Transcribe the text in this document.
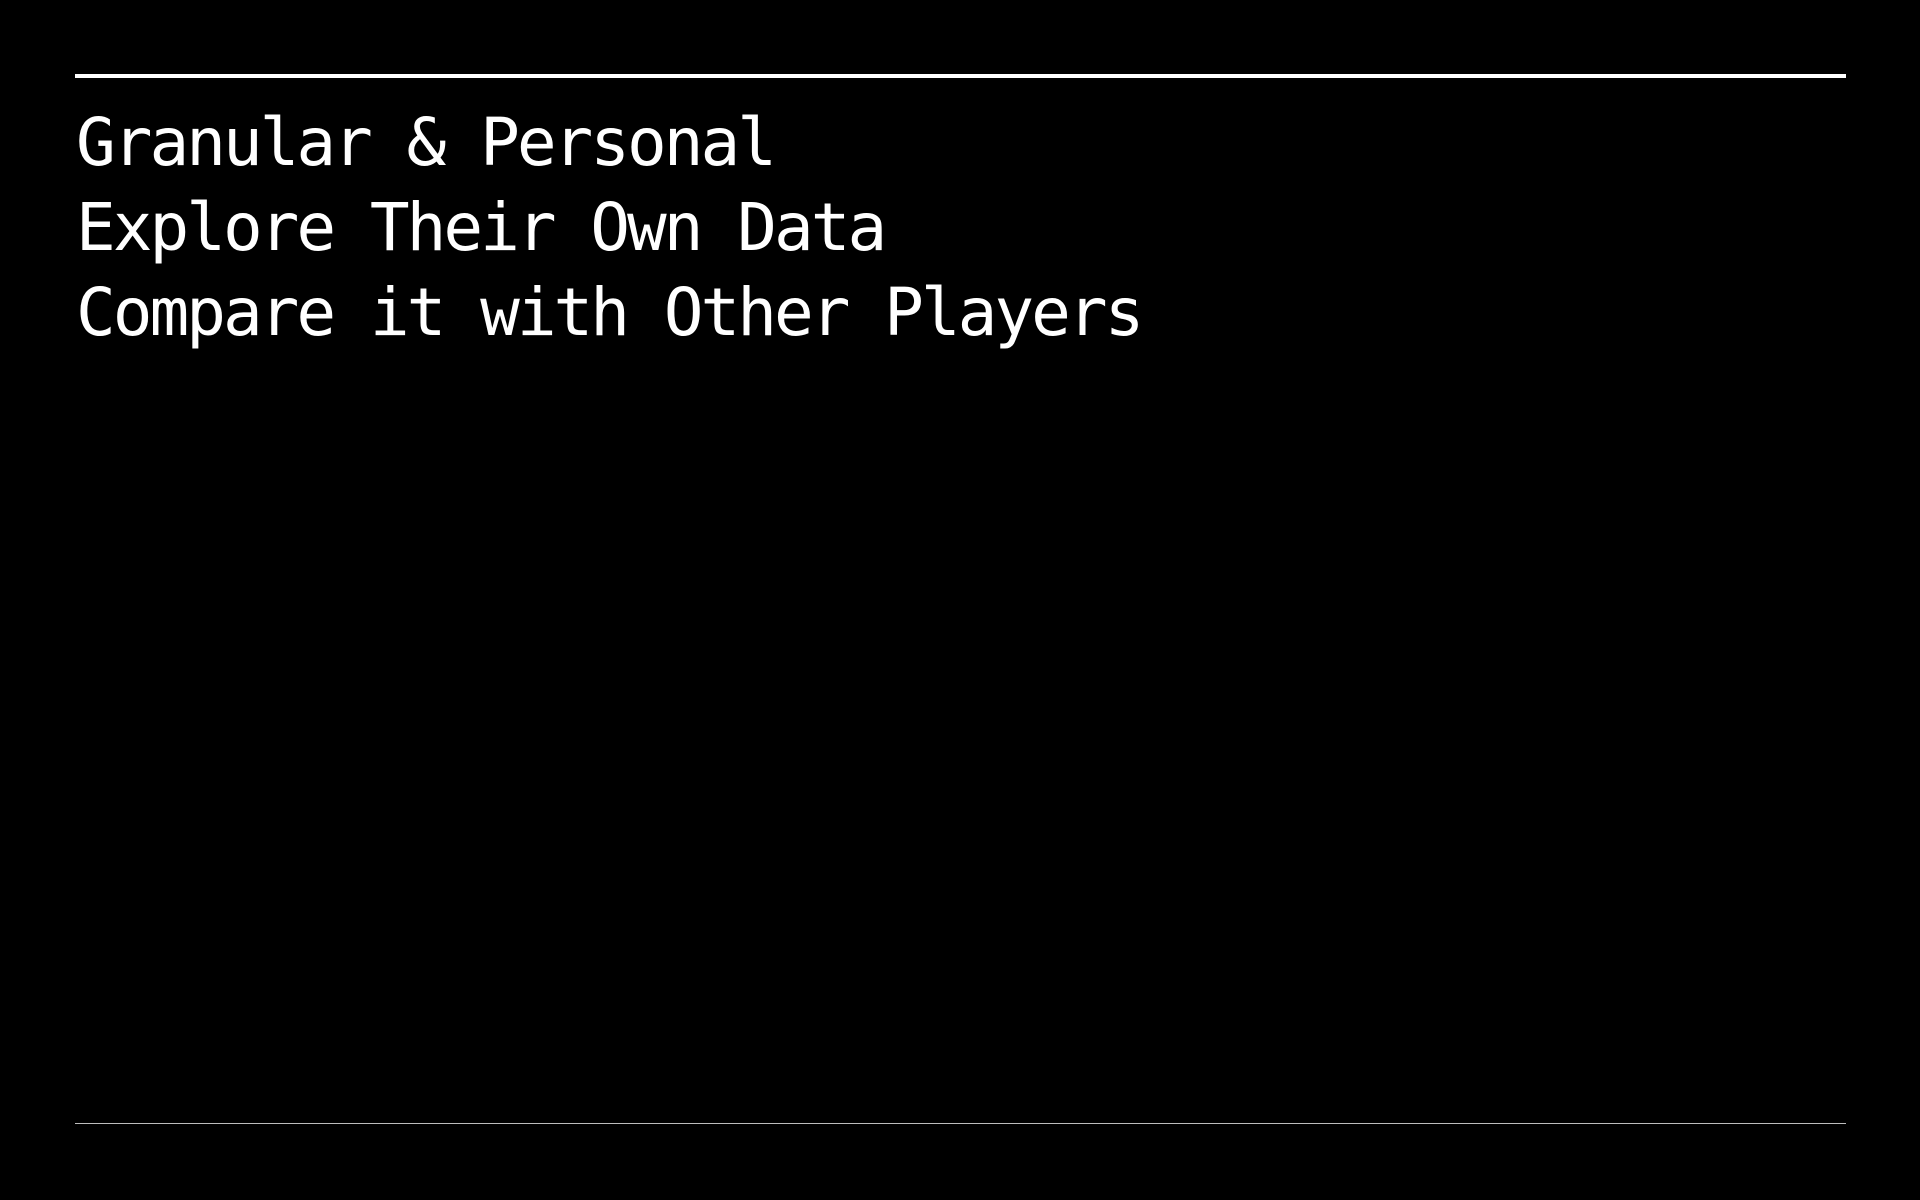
Granular & Personal
Explore Their Own Data
Compare it with Other Players
